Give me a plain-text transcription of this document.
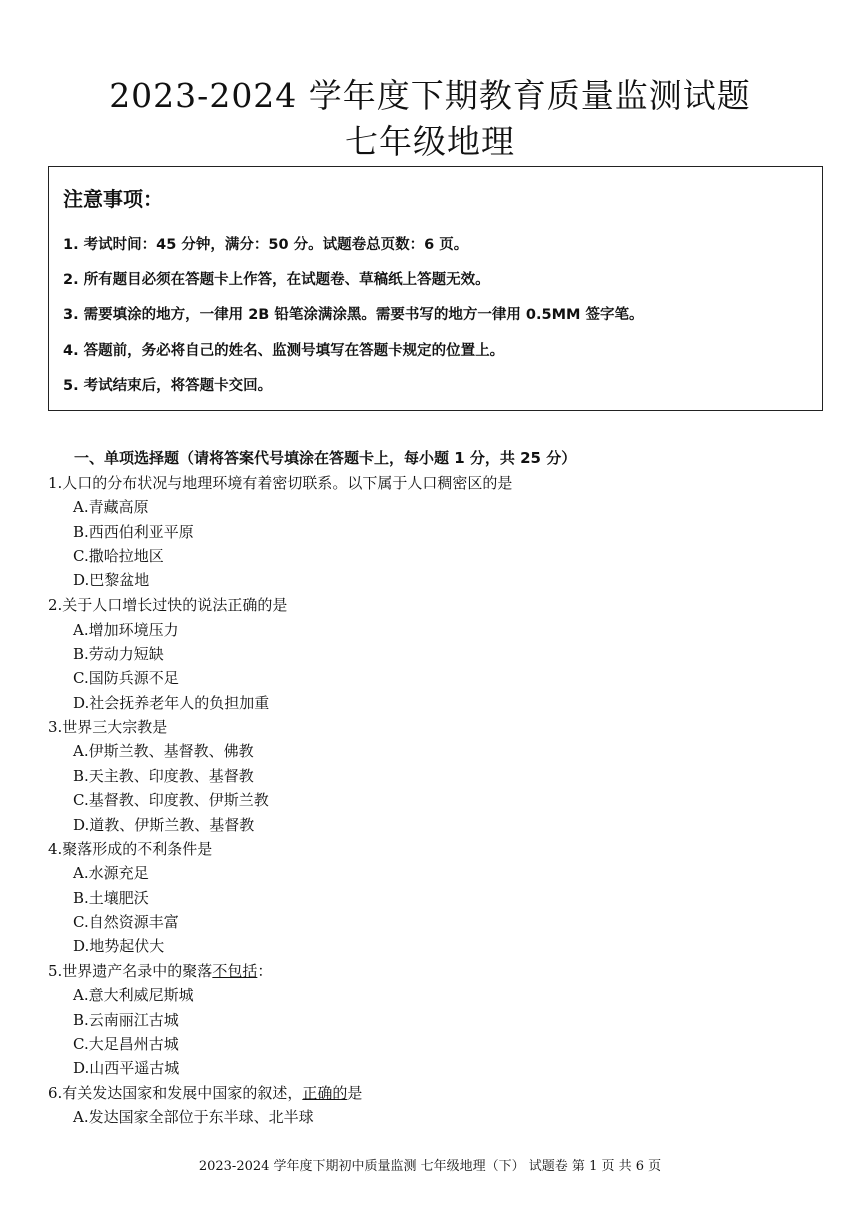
2023-2024 学年度下期教育质量监测试题
七年级地理
注意事项：
1. 考试时间：45 分钟，满分：50 分。试题卷总页数：6 页。
2. 所有题目必须在答题卡上作答，在试题卷、草稿纸上答题无效。
3. 需要填涂的地方，一律用 2B 铅笔涂满涂黑。需要书写的地方一律用 0.5MM 签字笔。
4. 答题前，务必将自己的姓名、监测号填写在答题卡规定的位置上。
5. 考试结束后，将答题卡交回。
一、单项选择题（请将答案代号填涂在答题卡上，每小题 1 分，共 25 分）
1.人口的分布状况与地理环境有着密切联系。以下属于人口稠密区的是
A.青藏高原
B.西西伯利亚平原
C.撒哈拉地区
D.巴黎盆地
2.关于人口增长过快的说法正确的是
A.增加环境压力
B.劳动力短缺
C.国防兵源不足
D.社会抚养老年人的负担加重
3.世界三大宗教是
A.伊斯兰教、基督教、佛教
B.天主教、印度教、基督教
C.基督教、印度教、伊斯兰教
D.道教、伊斯兰教、基督教
4.聚落形成的不利条件是
A.水源充足
B.土壤肥沃
C.自然资源丰富
D.地势起伏大
5.世界遗产名录中的聚落不包括：
A.意大利威尼斯城
B.云南丽江古城
C.大足昌州古城
D.山西平遥古城
6.有关发达国家和发展中国家的叙述，正确的是
A.发达国家全部位于东半球、北半球
2023-2024 学年度下期初中质量监测 七年级地理（下） 试题卷 第 1 页 共 6 页
